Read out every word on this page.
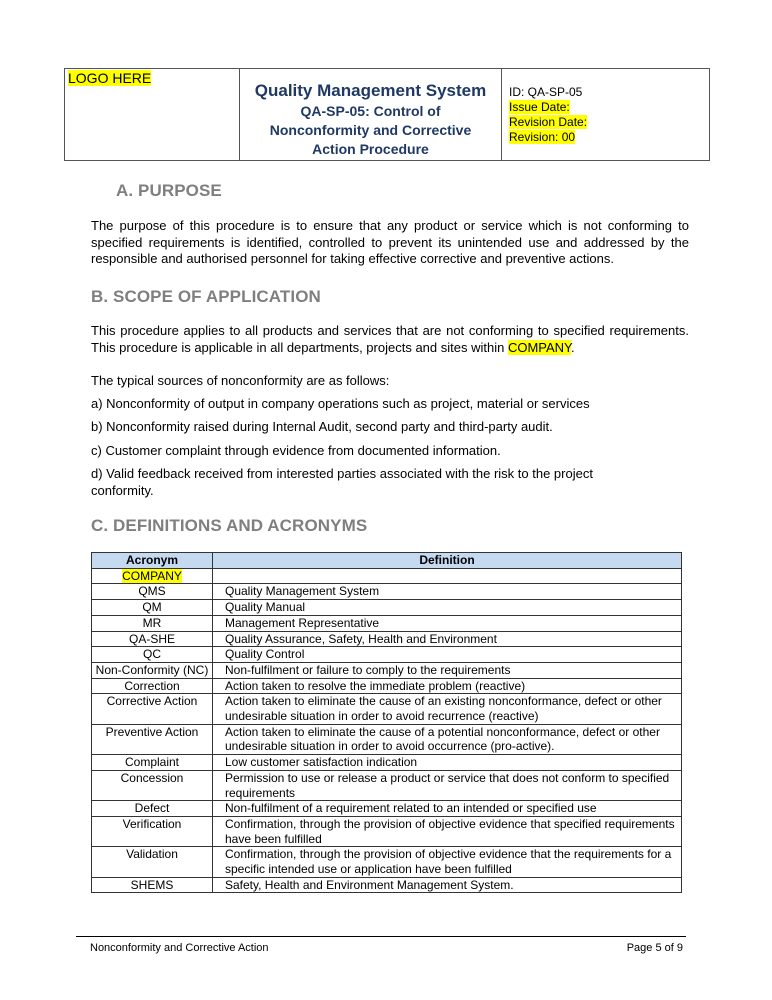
LOGO HERE
Quality Management System
QA-SP-05: Control of Nonconformity and Corrective Action Procedure
ID: QA-SP-05
Issue Date:
Revision Date:
Revision: 00
A. PURPOSE
The purpose of this procedure is to ensure that any product or service which is not conforming to specified requirements is identified, controlled to prevent its unintended use and addressed by the responsible and authorised personnel for taking effective corrective and preventive actions.
B. SCOPE OF APPLICATION
This procedure applies to all products and services that are not conforming to specified requirements. This procedure is applicable in all departments, projects and sites within COMPANY.
The typical sources of nonconformity are as follows:
a) Nonconformity of output in company operations such as project, material or services
b) Nonconformity raised during Internal Audit, second party and third-party audit.
c) Customer complaint through evidence from documented information.
d) Valid feedback received from interested parties associated with the risk to the project conformity.
C. DEFINITIONS AND ACRONYMS
Acronym	Definition
COMPANY	
QMS	Quality Management System
QM	Quality Manual
MR	Management Representative
QA-SHE	Quality Assurance, Safety, Health and Environment
QC	Quality Control
Non-Conformity (NC)	Non-fulfilment or failure to comply to the requirements
Correction	Action taken to resolve the immediate problem (reactive)
Corrective Action	Action taken to eliminate the cause of an existing nonconformance, defect or other undesirable situation in order to avoid recurrence (reactive)
Preventive Action	Action taken to eliminate the cause of a potential nonconformance, defect or other undesirable situation in order to avoid occurrence (pro-active).
Complaint	Low customer satisfaction indication
Concession	Permission to use or release a product or service that does not conform to specified requirements
Defect	Non-fulfilment of a requirement related to an intended or specified use
Verification	Confirmation, through the provision of objective evidence that specified requirements have been fulfilled
Validation	Confirmation, through the provision of objective evidence that the requirements for a specific intended use or application have been fulfilled
SHEMS	Safety, Health and Environment Management System.
Nonconformity and Corrective Action	Page 5 of 9
